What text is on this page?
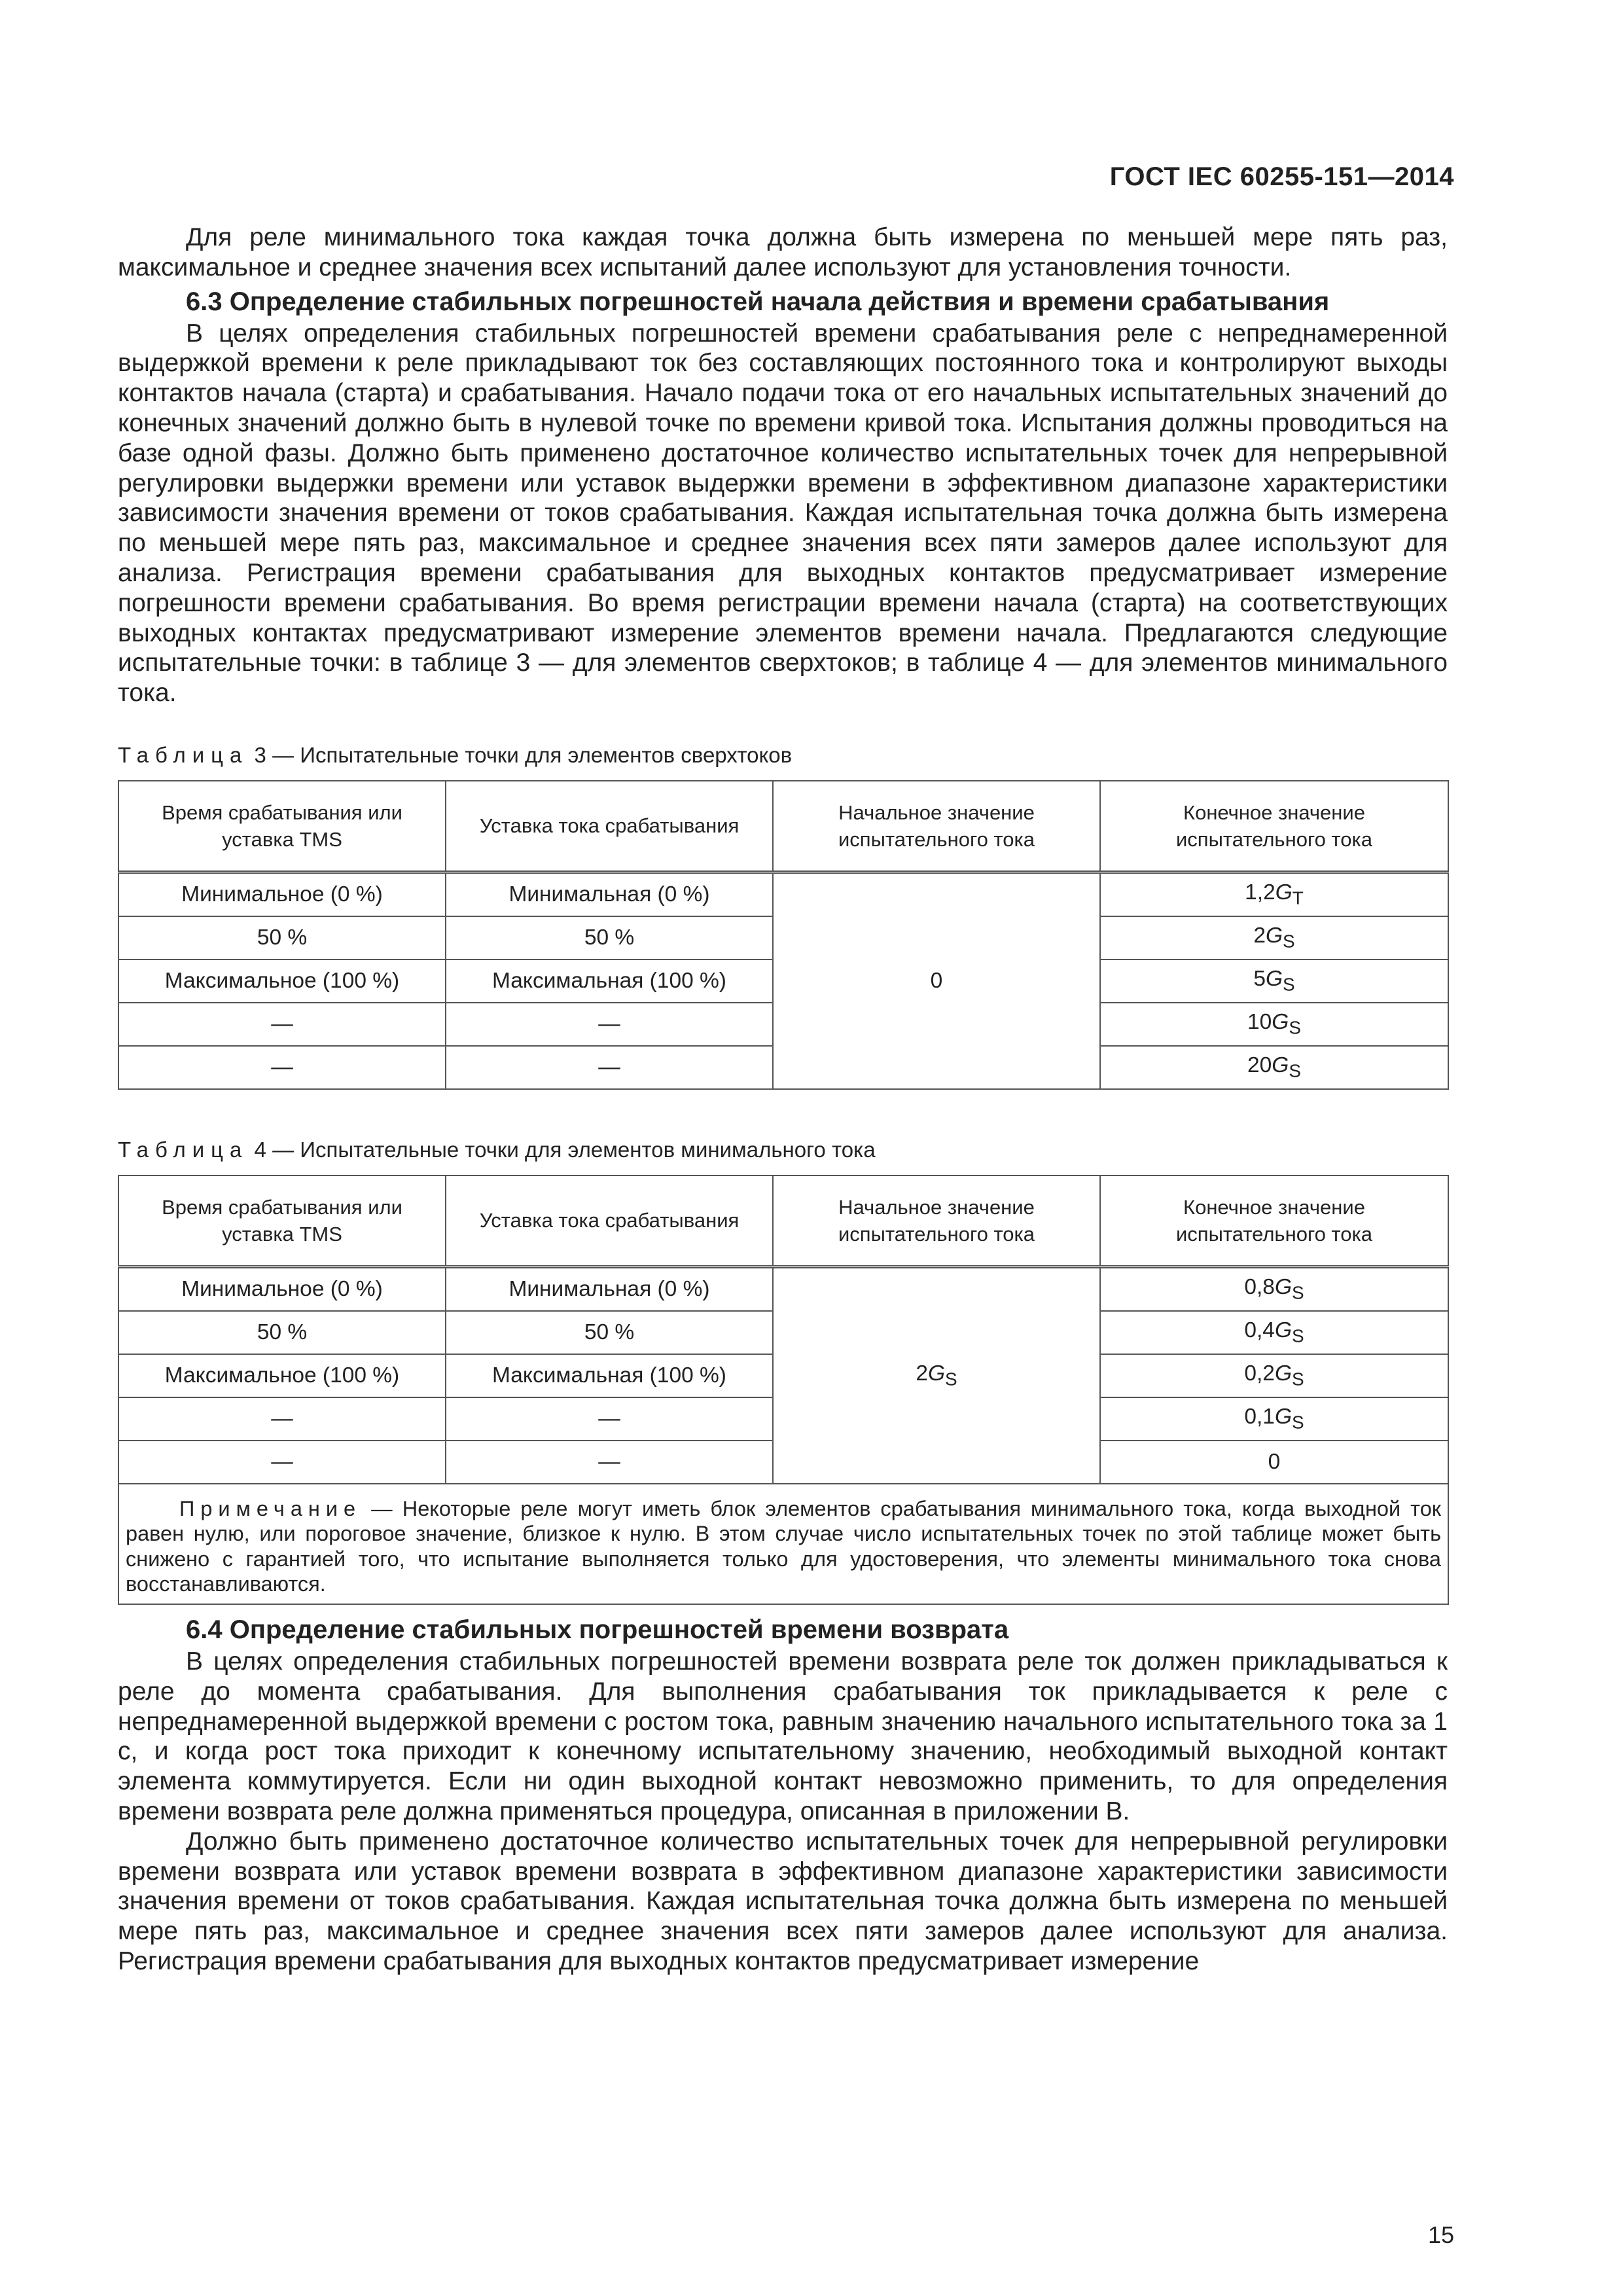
ГОСТ IEC 60255-151—2014

Для реле минимального тока каждая точка должна быть измерена по меньшей мере пять раз, максимальное и среднее значения всех испытаний далее используют для установления точности.

6.3 Определение стабильных погрешностей начала действия и времени срабатывания

В целях определения стабильных погрешностей времени срабатывания реле с непреднамеренной выдержкой времени к реле прикладывают ток без составляющих постоянного тока и контролируют выходы контактов начала (старта) и срабатывания. Начало подачи тока от его начальных испытательных значений до конечных значений должно быть в нулевой точке по времени кривой тока. Испытания должны проводиться на базе одной фазы. Должно быть применено достаточное количество испытательных точек для непрерывной регулировки выдержки времени или уставок выдержки времени в эффективном диапазоне характеристики зависимости значения времени от токов срабатывания. Каждая испытательная точка должна быть измерена по меньшей мере пять раз, максимальное и среднее значения всех пяти замеров далее используют для анализа. Регистрация времени срабатывания для выходных контактов предусматривает измерение погрешности времени срабатывания. Во время регистрации времени начала (старта) на соответствующих выходных контактах предусматривают измерение элементов времени начала. Предлагаются следующие испытательные точки: в таблице 3 — для элементов сверхтоков; в таблице 4 — для элементов минимального тока.

Таблица 3 — Испытательные точки для элементов сверхтоков

Время срабатывания или уставка TMS	Уставка тока срабатывания	Начальное значение испытательного тока	Конечное значение испытательного тока
Минимальное (0 %)	Минимальная (0 %)	0	$1,2G_T$
50 %	50 %		$2G_S$
Максимальное (100 %)	Максимальная (100 %)		$5G_S$
—	—		$10G_S$
—	—		$20G_S$

Таблица 4 — Испытательные точки для элементов минимального тока

Время срабатывания или уставка TMS	Уставка тока срабатывания	Начальное значение испытательного тока	Конечное значение испытательного тока
Минимальное (0 %)	Минимальная (0 %)	$2G_S$	$0,8G_S$
50 %	50 %		$0,4G_S$
Максимальное (100 %)	Максимальная (100 %)		$0,2G_S$
—	—		$0,1G_S$
—	—		0
Примечание — Некоторые реле могут иметь блок элементов срабатывания минимального тока, когда выходной ток равен нулю, или пороговое значение, близкое к нулю. В этом случае число испытательных точек по этой таблице может быть снижено с гарантией того, что испытание выполняется только для удостоверения, что элементы минимального тока снова восстанавливаются.			
6.4 Определение стабильных погрешностей времени возврата

В целях определения стабильных погрешностей времени возврата реле ток должен прикладываться к реле до момента срабатывания. Для выполнения срабатывания ток прикладывается к реле с непреднамеренной выдержкой времени с ростом тока, равным значению начального испытательного тока за 1 с, и когда рост тока приходит к конечному испытательному значению, необходимый выходной контакт элемента коммутируется. Если ни один выходной контакт невозможно применить, то для определения времени возврата реле должна применяться процедура, описанная в приложении В.

Должно быть применено достаточное количество испытательных точек для непрерывной регулировки времени возврата или уставок времени возврата в эффективном диапазоне характеристики зависимости значения времени от токов срабатывания. Каждая испытательная точка должна быть измерена по меньшей мере пять раз, максимальное и среднее значения всех пяти замеров далее используют для анализа. Регистрация времени срабатывания для выходных контактов предусматривает измерение

15
